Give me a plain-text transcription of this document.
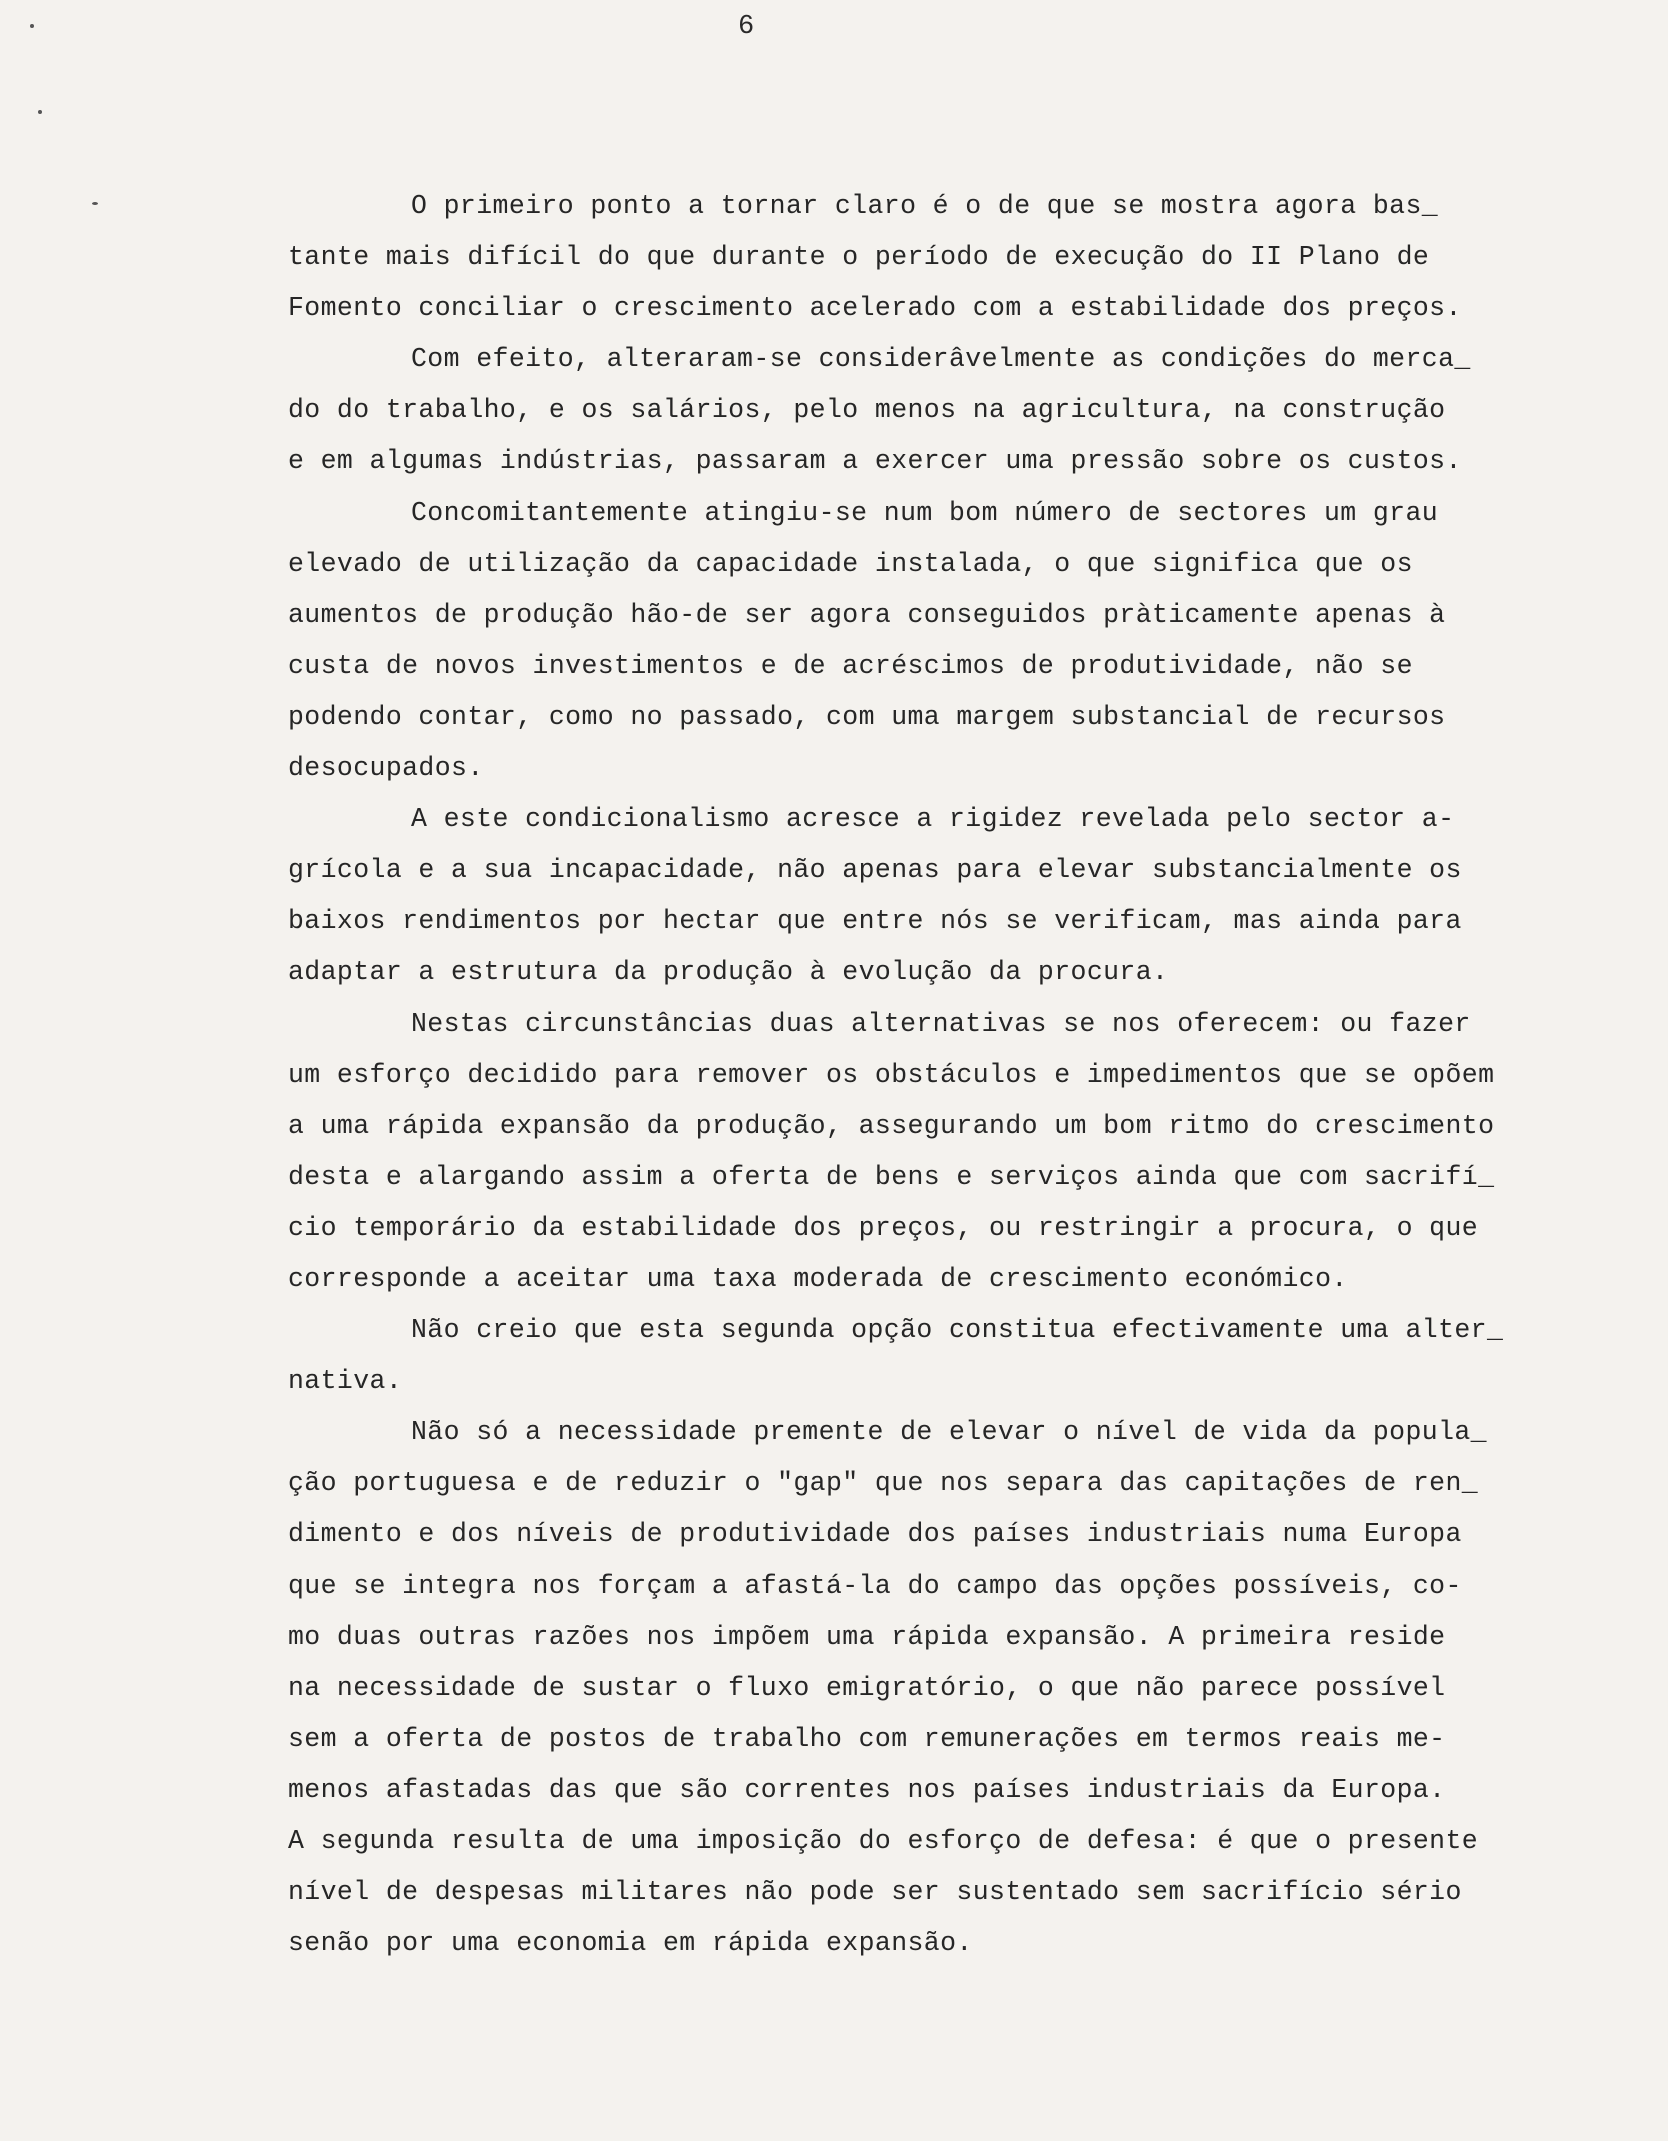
6
O primeiro ponto a tornar claro é o de que se mostra agora bas_
tante mais difícil do que durante o período de execução do II Plano de
Fomento conciliar o crescimento acelerado com a estabilidade dos preços.
Com efeito, alteraram-se considerâvelmente as condições do merca_
do do trabalho, e os salários, pelo menos na agricultura, na construção
e em algumas indústrias, passaram a exercer uma pressão sobre os custos.
Concomitantemente atingiu-se num bom número de sectores um grau
elevado de utilização da capacidade instalada, o que significa que os
aumentos de produção hão-de ser agora conseguidos pràticamente apenas à
custa de novos investimentos e de acréscimos de produtividade, não se
podendo contar, como no passado, com uma margem substancial de recursos
desocupados.
A este condicionalismo acresce a rigidez revelada pelo sector a-
grícola e a sua incapacidade, não apenas para elevar substancialmente os
baixos rendimentos por hectar que entre nós se verificam, mas ainda para
adaptar a estrutura da produção à evolução da procura.
Nestas circunstâncias duas alternativas se nos oferecem: ou fazer
um esforço decidido para remover os obstáculos e impedimentos que se opõem
a uma rápida expansão da produção, assegurando um bom ritmo do crescimento
desta e alargando assim a oferta de bens e serviços ainda que com sacrifí_
cio temporário da estabilidade dos preços, ou restringir a procura, o que
corresponde a aceitar uma taxa moderada de crescimento económico.
Não creio que esta segunda opção constitua efectivamente uma alter_
nativa.
Não só a necessidade premente de elevar o nível de vida da popula_
ção portuguesa e de reduzir o "gap" que nos separa das capitações de ren_
dimento e dos níveis de produtividade dos países industriais numa Europa
que se integra nos forçam a afastá-la do campo das opções possíveis, co-
mo duas outras razões nos impõem uma rápida expansão. A primeira reside
na necessidade de sustar o fluxo emigratório, o que não parece possível
sem a oferta de postos de trabalho com remunerações em termos reais me-
menos afastadas das que são correntes nos países industriais da Europa.
A segunda resulta de uma imposição do esforço de defesa: é que o presente
nível de despesas militares não pode ser sustentado sem sacrifício sério
senão por uma economia em rápida expansão.
